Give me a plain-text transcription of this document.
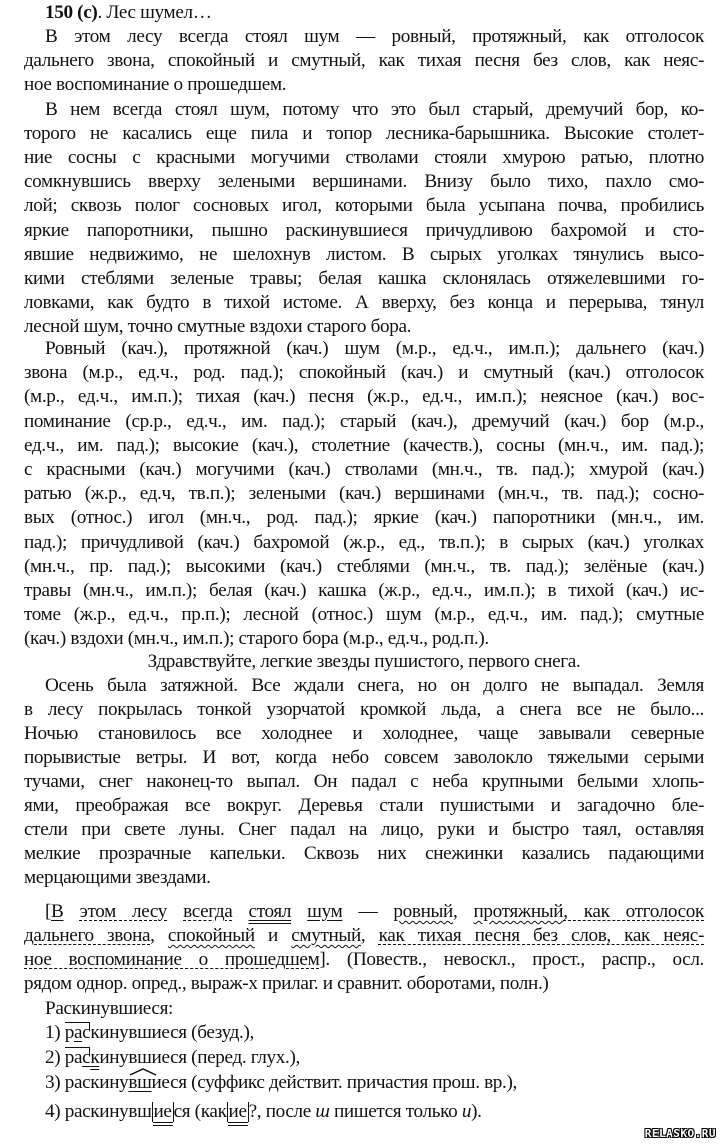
150 (с). Лес шумел…
В этом лесу всегда стоял шум — ровный, протяжный, как отголосок
дальнего звона, спокойный и смутный, как тихая песня без слов, как неяс-
ное воспоминание о прошедшем.
В нем всегда стоял шум, потому что это был старый, дремучий бор, ко-
торого не касались еще пила и топор лесника-барышника. Высокие столет-
ние сосны с красными могучими стволами стояли хмурою ратью, плотно
сомкнувшись вверху зелеными вершинами. Внизу было тихо, пахло смо-
лой; сквозь полог сосновых игол, которыми была усыпана почва, пробились
яркие папоротники, пышно раскинувшиеся причудливою бахромой и сто-
явшие недвижимо, не шелохнув листом. В сырых уголках тянулись высо-
кими стеблями зеленые травы; белая кашка склонялась отяжелевшими го-
ловками, как будто в тихой истоме. А вверху, без конца и перерыва, тянул
лесной шум, точно смутные вздохи старого бора.
Ровный (кач.), протяжной (кач.) шум (м.р., ед.ч., им.п.); дальнего (кач.)
звона (м.р., ед.ч., род. пад.); спокойный (кач.) и смутный (кач.) отголосок
(м.р., ед.ч., им.п.); тихая (кач.) песня (ж.р., ед.ч., им.п.); неясное (кач.) вос-
поминание (ср.р., ед.ч., им. пад.); старый (кач.), дремучий (кач.) бор (м.р.,
ед.ч., им. пад.); высокие (кач.), столетние (качеств.), сосны (мн.ч., им. пад.);
с красными (кач.) могучими (кач.) стволами (мн.ч., тв. пад.); хмурой (кач.)
ратью (ж.р., ед.ч, тв.п.); зелеными (кач.) вершинами (мн.ч., тв. пад.); сосно-
вых (относ.) игол (мн.ч., род. пад.); яркие (кач.) папоротники (мн.ч., им.
пад.); причудливой (кач.) бахромой (ж.р., ед., тв.п.); в сырых (кач.) уголках
(мн.ч., пр. пад.); высокими (кач.) стеблями (мн.ч., тв. пад.); зелёные (кач.)
травы (мн.ч., им.п.); белая (кач.) кашка (ж.р., ед.ч., им.п.); в тихой (кач.) ис-
томе (ж.р., ед.ч., пр.п.); лесной (относ.) шум (м.р., ед.ч., им. пад.); смутные
(кач.) вздохи (мн.ч., им.п.); старого бора (м.р., ед.ч., род.п.).
Здравствуйте, легкие звезды пушистого, первого снега.
Осень была затяжной. Все ждали снега, но он долго не выпадал. Земля
в лесу покрылась тонкой узорчатой кромкой льда, а снега все не было...
Ночью становилось все холоднее и холоднее, чаще завывали северные
порывистые ветры. И вот, когда небо совсем заволокло тяжелыми серыми
тучами, снег наконец-то выпал. Он падал с неба крупными белыми хлопь-
ями, преображая все вокруг. Деревья стали пушистыми и загадочно бле-
стели при свете луны. Снег падал на лицо, руки и быстро таял, оставляя
мелкие прозрачные капельки. Сквозь них снежинки казались падающими
мерцающими звездами.
[В этом лесу всегда стоял шум — ровный, протяжный, как отголосок
дальнего звона, спокойный и смутный, как тихая песня без слов, как неяс-
ное воспоминание о прошедшем]. (Повеств., невоскл., прост., распр., осл.
рядом однор. опред., выраж-х прилаг. и сравнит. оборотами, полн.)
Раскинувшиеся:
1) раскинувшиеся (безуд.),
2) раскинувшиеся (перед. глух.),
3) раскину
вшиеся (суффикс действит. причастия прош. вр.),
4) раскинувш ие ся (как ие ?, после ш пишется только и).
RELASKO.RU
